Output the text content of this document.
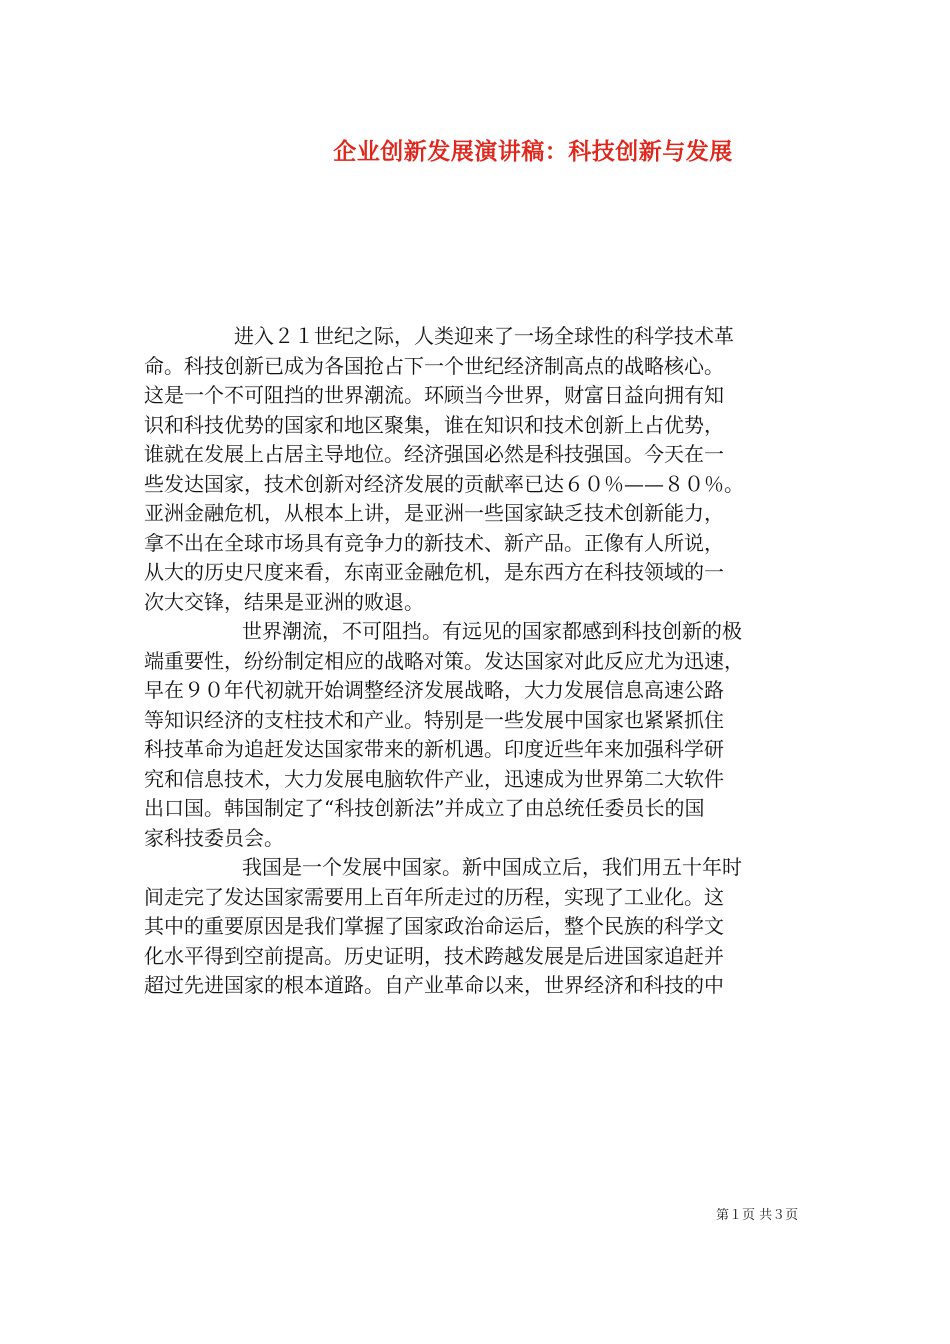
企业创新发展演讲稿：科技创新与发展

进入２１世纪之际，人类迎来了一场全球性的科学技术革
命。科技创新已成为各国抢占下一个世纪经济制高点的战略核心。
这是一个不可阻挡的世界潮流。环顾当今世界，财富日益向拥有知
识和科技优势的国家和地区聚集，谁在知识和技术创新上占优势，
谁就在发展上占居主导地位。经济强国必然是科技强国。今天在一
些发达国家，技术创新对经济发展的贡献率已达６０％——８０％。
亚洲金融危机，从根本上讲，是亚洲一些国家缺乏技术创新能力，
拿不出在全球市场具有竞争力的新技术、新产品。正像有人所说，
从大的历史尺度来看，东南亚金融危机，是东西方在科技领域的一
次大交锋，结果是亚洲的败退。

世界潮流，不可阻挡。有远见的国家都感到科技创新的极
端重要性，纷纷制定相应的战略对策。发达国家对此反应尤为迅速，
早在９０年代初就开始调整经济发展战略，大力发展信息高速公路
等知识经济的支柱技术和产业。特别是一些发展中国家也紧紧抓住
科技革命为追赶发达国家带来的新机遇。印度近些年来加强科学研
究和信息技术，大力发展电脑软件产业，迅速成为世界第二大软件
出口国。韩国制定了“科技创新法”并成立了由总统任委员长的国
家科技委员会。

我国是一个发展中国家。新中国成立后，我们用五十年时
间走完了发达国家需要用上百年所走过的历程，实现了工业化。这
其中的重要原因是我们掌握了国家政治命运后，整个民族的科学文
化水平得到空前提高。历史证明，技术跨越发展是后进国家追赶并
超过先进国家的根本道路。自产业革命以来，世界经济和科技的中

第１页 共３页
